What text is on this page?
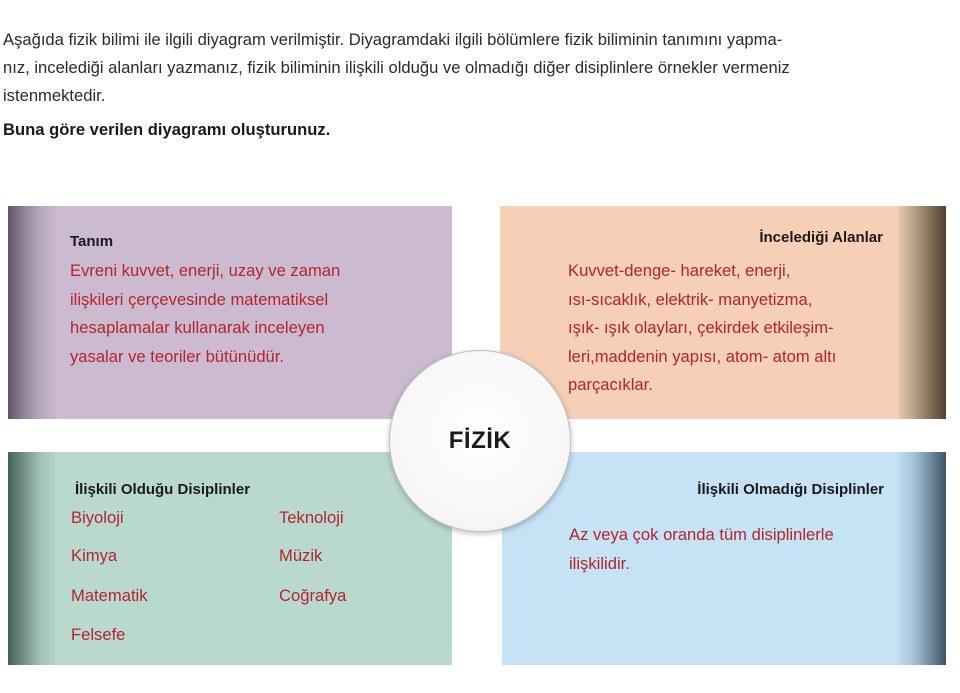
Aşağıda fizik bilimi ile ilgili diyagram verilmiştir. Diyagramdaki ilgili bölümlere fizik biliminin tanımını yapma-

nız, incelediği alanları yazmanız, fizik biliminin ilişkili olduğu ve olmadığı diğer disiplinlere örnekler vermeniz

istenmektedir.

Buna göre verilen diyagramı oluşturunuz.
Tanım
Evreni kuvvet, enerji, uzay ve zaman
ilişkileri çerçevesinde matematiksel
hesaplamalar kullanarak inceleyen
yasalar ve teoriler bütünüdür.
İncelediği Alanlar
Kuvvet-denge- hareket, enerji,
ısı-sıcaklık, elektrik- manyetizma,
ışık- ışık olayları, çekirdek etkileşim-
leri,maddenin yapısı, atom- atom altı
parçacıklar.
İlişkili Olduğu Disiplinler
Biyoloji
Kimya
Matematik
Felsefe
Teknoloji
Müzik
Coğrafya
İlişkili Olmadığı Disiplinler
Az veya çok oranda tüm disiplinlerle
ilişkilidir.
FİZİK
